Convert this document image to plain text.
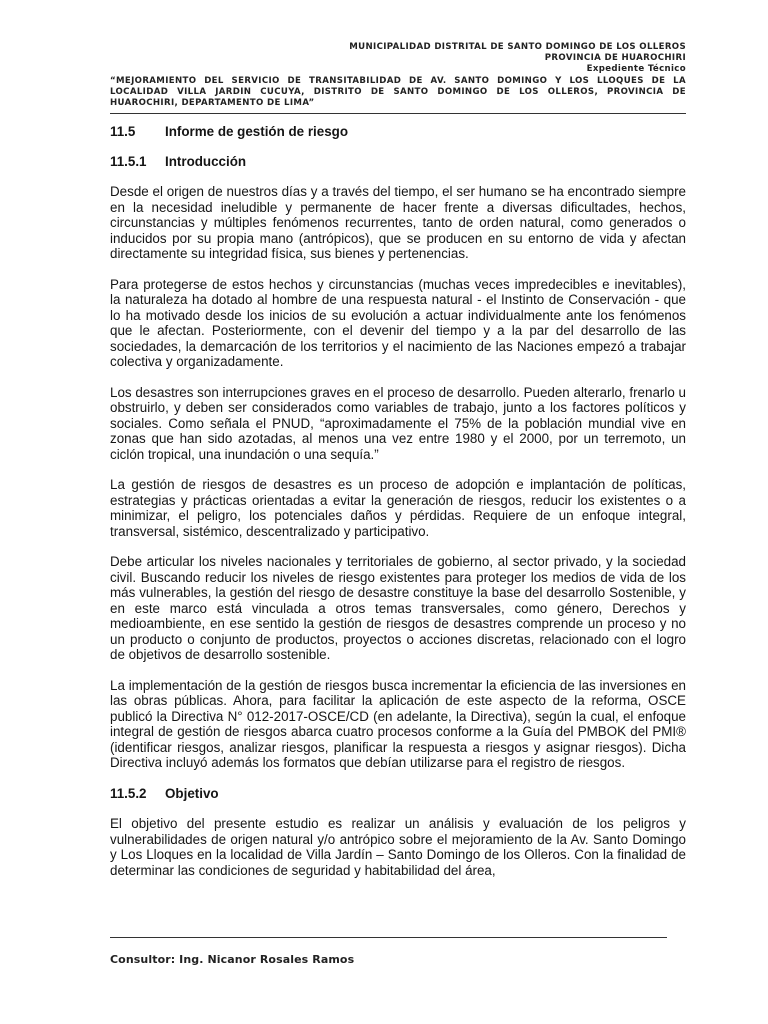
MUNICIPALIDAD DISTRITAL DE SANTO DOMINGO DE LOS OLLEROS
PROVINCIA DE HUAROCHIRI
Expediente Técnico
“MEJORAMIENTO DEL SERVICIO DE TRANSITABILIDAD DE AV. SANTO DOMINGO Y LOS LLOQUES DE LA LOCALIDAD VILLA JARDIN CUCUYA, DISTRITO DE SANTO DOMINGO DE LOS OLLEROS, PROVINCIA DE HUAROCHIRI, DEPARTAMENTO DE LIMA”
11.5 Informe de gestión de riesgo
11.5.1 Introducción

Desde el origen de nuestros días y a través del tiempo, el ser humano se ha encontrado siempre en la necesidad ineludible y permanente de hacer frente a diversas dificultades, hechos, circunstancias y múltiples fenómenos recurrentes, tanto de orden natural, como generados o inducidos por su propia mano (antrópicos), que se producen en su entorno de vida y afectan directamente su integridad física, sus bienes y pertenencias.

Para protegerse de estos hechos y circunstancias (muchas veces impredecibles e inevitables), la naturaleza ha dotado al hombre de una respuesta natural - el Instinto de Conservación - que lo ha motivado desde los inicios de su evolución a actuar individualmente ante los fenómenos que le afectan. Posteriormente, con el devenir del tiempo y a la par del desarrollo de las sociedades, la demarcación de los territorios y el nacimiento de las Naciones empezó a trabajar colectiva y organizadamente.

Los desastres son interrupciones graves en el proceso de desarrollo. Pueden alterarlo, frenarlo u obstruirlo, y deben ser considerados como variables de trabajo, junto a los factores políticos y sociales. Como señala el PNUD, “aproximadamente el 75% de la población mundial vive en zonas que han sido azotadas, al menos una vez entre 1980 y el 2000, por un terremoto, un ciclón tropical, una inundación o una sequía.”

La gestión de riesgos de desastres es un proceso de adopción e implantación de políticas, estrategias y prácticas orientadas a evitar la generación de riesgos, reducir los existentes o a minimizar, el peligro, los potenciales daños y pérdidas. Requiere de un enfoque integral, transversal, sistémico, descentralizado y participativo.

Debe articular los niveles nacionales y territoriales de gobierno, al sector privado, y la sociedad civil. Buscando reducir los niveles de riesgo existentes para proteger los medios de vida de los más vulnerables, la gestión del riesgo de desastre constituye la base del desarrollo Sostenible, y en este marco está vinculada a otros temas transversales, como género, Derechos y medioambiente, en ese sentido la gestión de riesgos de desastres comprende un proceso y no un producto o conjunto de productos, proyectos o acciones discretas, relacionado con el logro de objetivos de desarrollo sostenible.

La implementación de la gestión de riesgos busca incrementar la eficiencia de las inversiones en las obras públicas. Ahora, para facilitar la aplicación de este aspecto de la reforma, OSCE publicó la Directiva N° 012-2017-OSCE/CD (en adelante, la Directiva), según la cual, el enfoque integral de gestión de riesgos abarca cuatro procesos conforme a la Guía del PMBOK del PMI® (identificar riesgos, analizar riesgos, planificar la respuesta a riesgos y asignar riesgos). Dicha Directiva incluyó además los formatos que debían utilizarse para el registro de riesgos.

11.5.2 Objetivo

El objetivo del presente estudio es realizar un análisis y evaluación de los peligros y vulnerabilidades de origen natural y/o antrópico sobre el mejoramiento de la Av. Santo Domingo y Los Lloques en la localidad de Villa Jardín – Santo Domingo de los Olleros. Con la finalidad de determinar las condiciones de seguridad y habitabilidad del área,

Consultor: Ing. Nicanor Rosales Ramos
